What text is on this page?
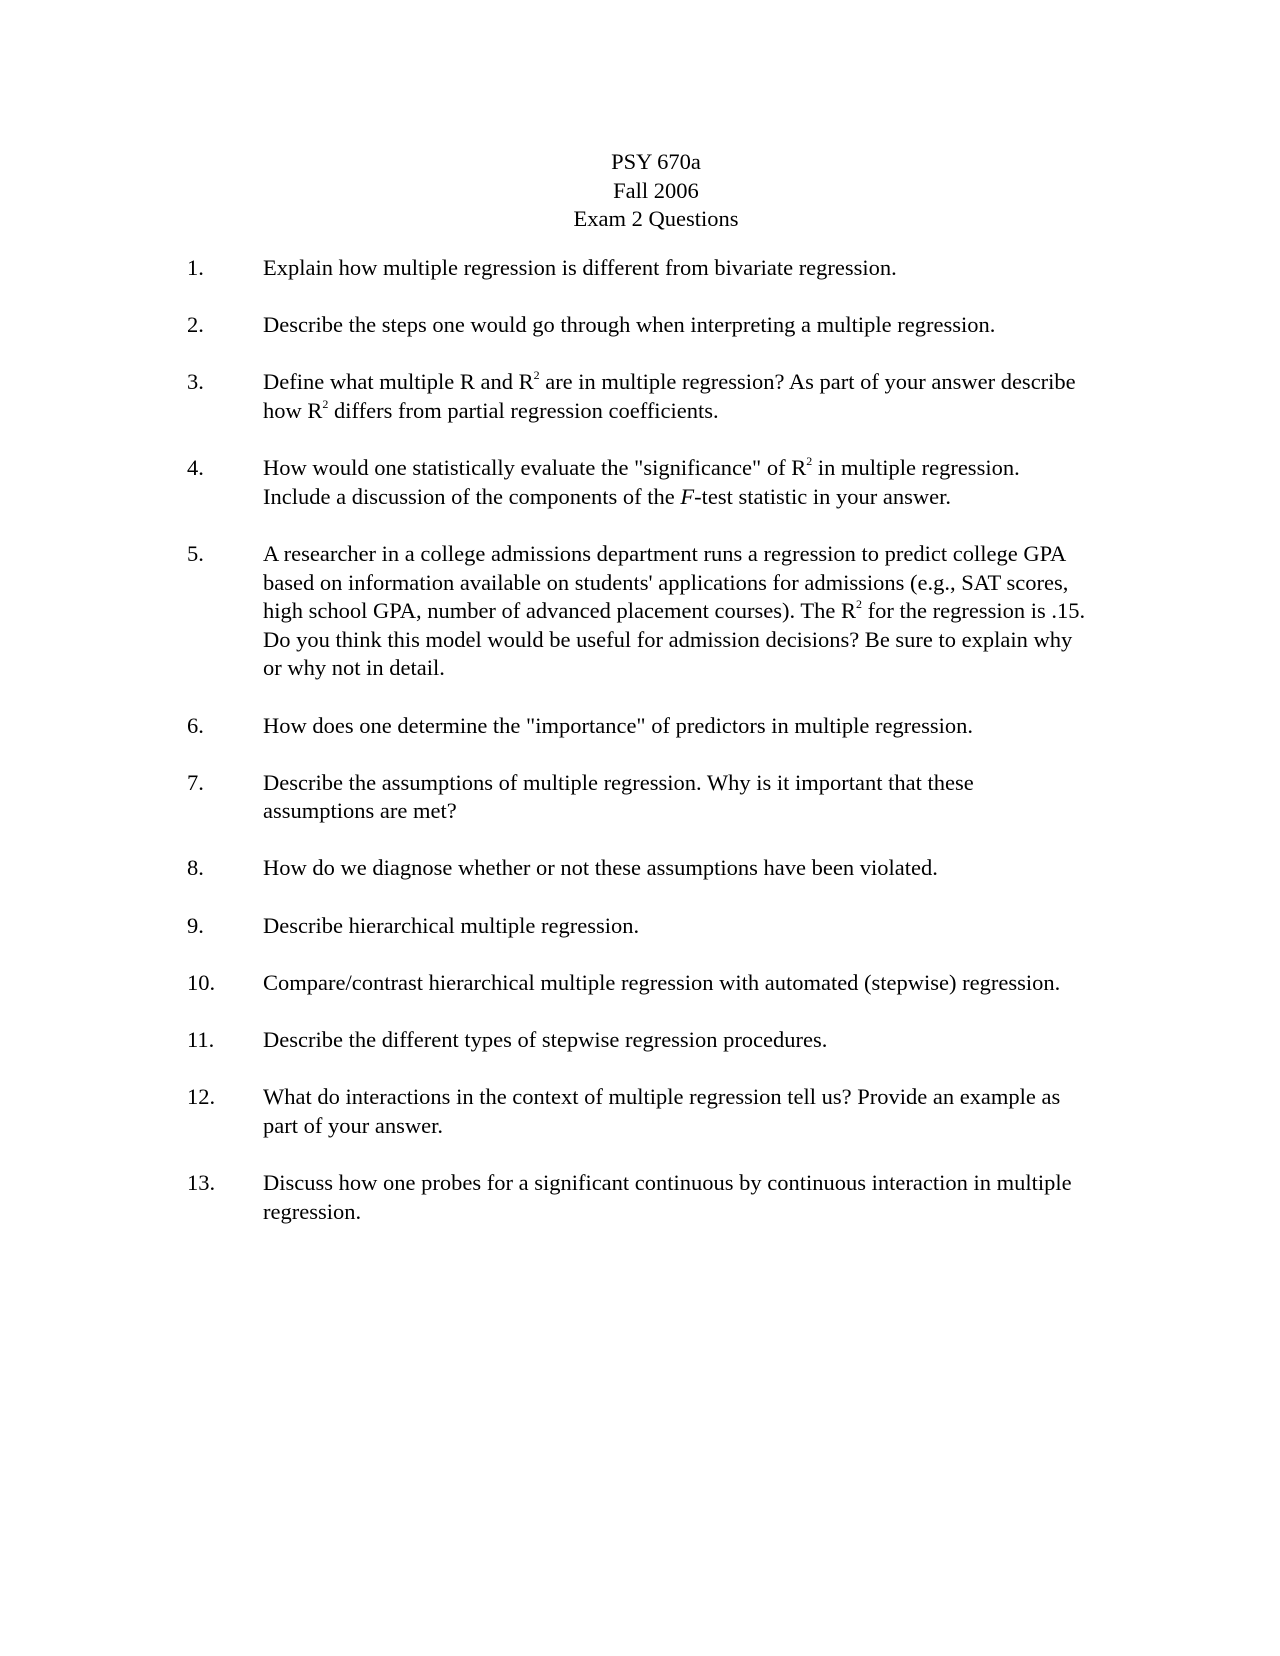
PSY 670a
Fall 2006
Exam 2 Questions
1.	Explain how multiple regression is different from bivariate regression.
2.	Describe the steps one would go through when interpreting a multiple regression.
3.	Define what multiple R and $R^2$ are in multiple regression? As part of your answer describe how $R^2$ differs from partial regression coefficients.
4.	How would one statistically evaluate the "significance" of $R^2$ in multiple regression. Include a discussion of the components of the F-test statistic in your answer.
5.	A researcher in a college admissions department runs a regression to predict college GPA based on information available on students' applications for admissions (e.g., SAT scores, high school GPA, number of advanced placement courses). The $R^2$ for the regression is .15. Do you think this model would be useful for admission decisions? Be sure to explain why or why not in detail.
6.	How does one determine the "importance" of predictors in multiple regression.
7.	Describe the assumptions of multiple regression. Why is it important that these assumptions are met?
8.	How do we diagnose whether or not these assumptions have been violated.
9.	Describe hierarchical multiple regression.
10. Compare/contrast hierarchical multiple regression with automated (stepwise) regression.
11. Describe the different types of stepwise regression procedures.
12. What do interactions in the context of multiple regression tell us? Provide an example as part of your answer.
13. Discuss how one probes for a significant continuous by continuous interaction in multiple regression.
